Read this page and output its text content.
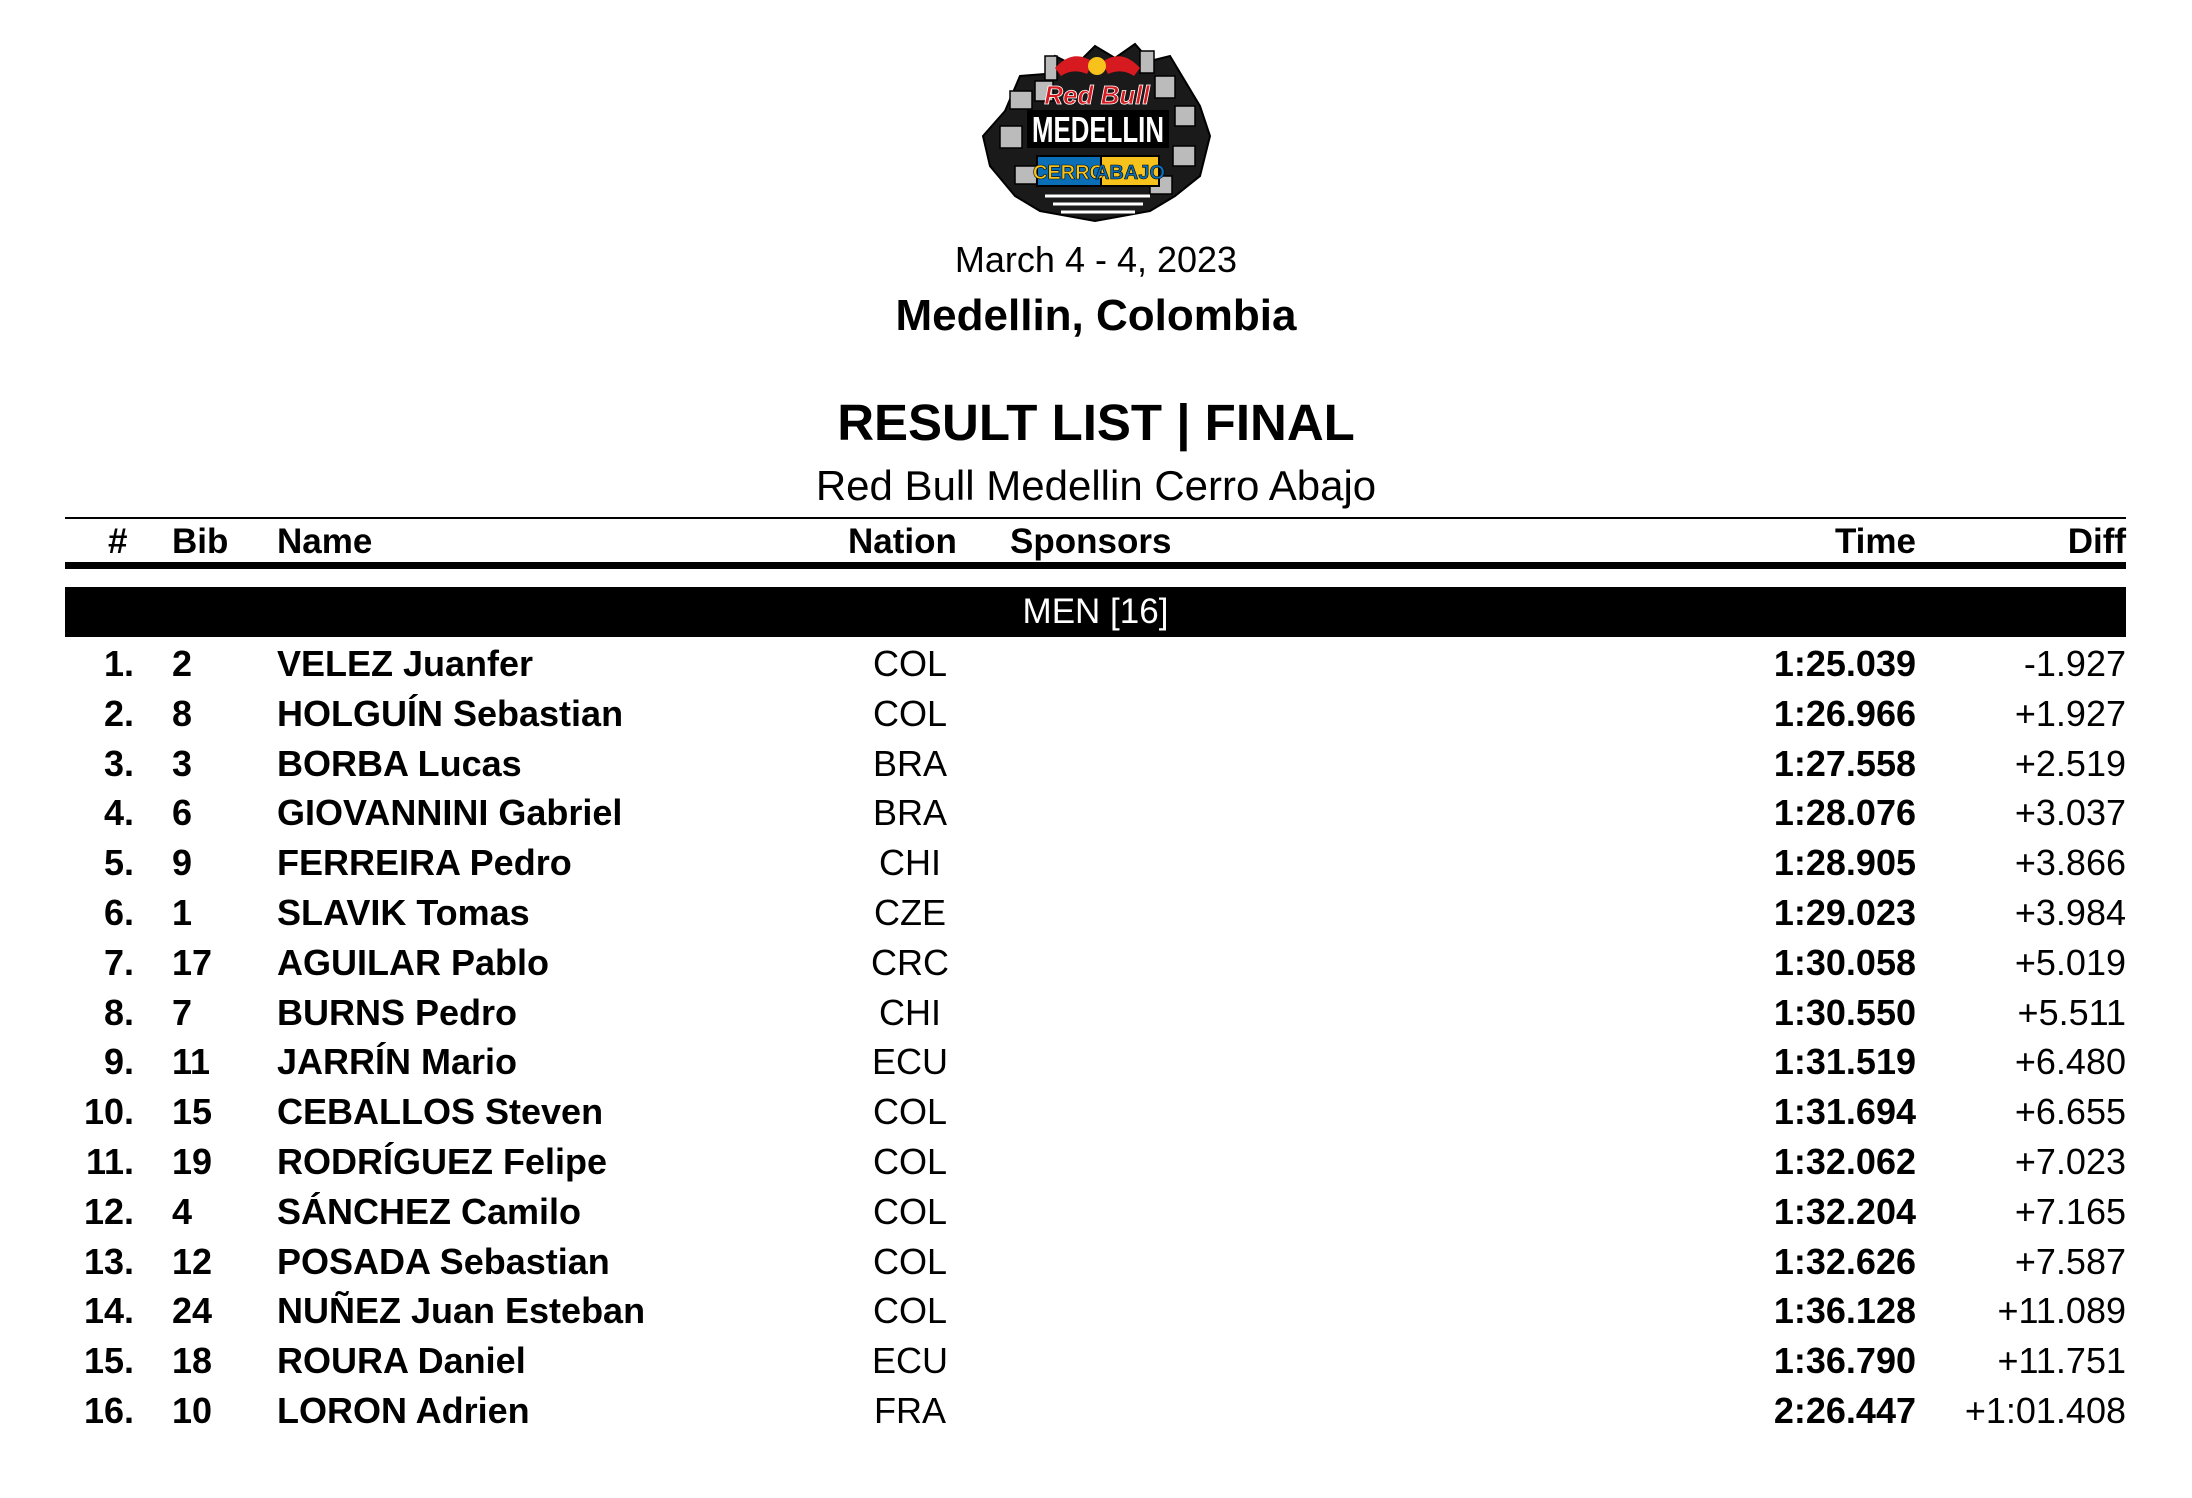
Red Bull
MEDELLIN
CERRO
ABAJO
March 4 - 4, 2023
Medellin, Colombia
RESULT LIST | FINAL
Red Bull Medellin Cerro Abajo
# Bib Name	Nation Sponsors	Time	Diff
MEN [16]
1. 2 VELEZ Juanfer	COL	1:25.039	-1.927
2. 8 HOLGUÍN Sebastian	COL	1:26.966	+1.927
3. 3 BORBA Lucas	BRA	1:27.558	+2.519
4. 6 GIOVANNINI Gabriel	BRA	1:28.076	+3.037
5. 9 FERREIRA Pedro	CHI	1:28.905	+3.866
6. 1 SLAVIK Tomas	CZE	1:29.023	+3.984
7. 17 AGUILAR Pablo	CRC	1:30.058	+5.019
8. 7 BURNS Pedro	CHI	1:30.550	+5.511
9. 11 JARRÍN Mario	ECU	1:31.519	+6.480
10. 15 CEBALLOS Steven	COL	1:31.694	+6.655
11. 19 RODRÍGUEZ Felipe	COL	1:32.062	+7.023
12. 4 SÁNCHEZ Camilo	COL	1:32.204	+7.165
13. 12 POSADA Sebastian	COL	1:32.626	+7.587
14. 24 NUÑEZ Juan Esteban	COL	1:36.128 +11.089
15. 18 ROURA Daniel	ECU	1:36.790 +11.751
16. 10 LORON Adrien	FRA	2:26.447 +1:01.408
